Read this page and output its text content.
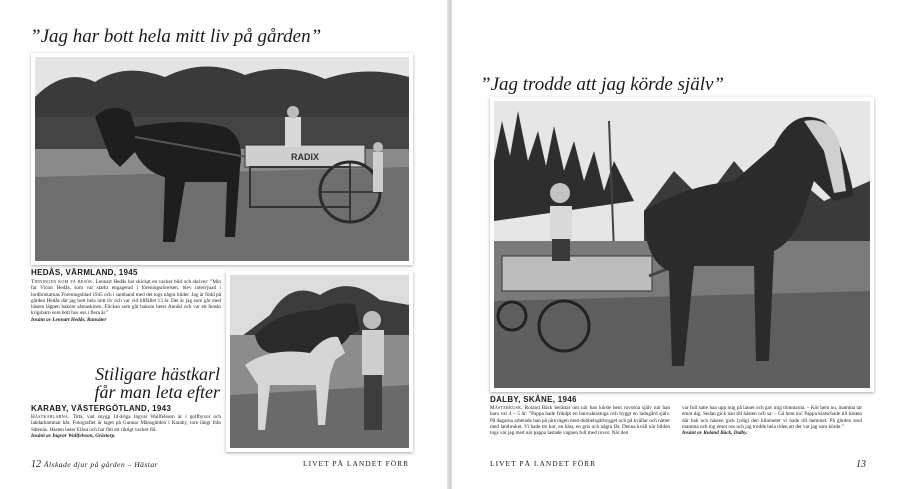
”Jag har bott hela mitt liv på gården”
RADIX
HEDÅS, VÄRMLAND, 1945
Tidningen kom på besök. Lennart Hedås har skickat en vacker bild och skriver: ”Min far Victor Hedås, som var starkt engagerad i föreningsrörelsen, blev intervjuad i lordbrukarnas Föreningsblad 1945 och i samband med det togs några bilder. Jag är född på gården Hedås där jag bott hela mitt liv och var vid tillfället 13 år. Det är jag som går med hästen läppen bakom såmaskinen. Flickan som går bakom heter Annikl och var ett fenskt krigsbarn som bott hos oss i flera år.”
Insänt av Lennart Hedås, Ransäter
Stiligare hästkarl
får man leta efter
KARABY, VÄSTERGÖTLAND, 1943
Hästkarlarna. Titta, vad snygg 14-åriga Ingvar Wallfelsson är i golfbyxor och lakdarkammat hår. Fotografiet är taget på Gunnar Månsgården i Karaby, lore längt från Såtenäs. Hästen heter Elåsa och har fått ett riktigt vacker föl.
Insänt av Ingvar Wallfelsson, Grästorp.
12 Älskade djur på gården – Hästar	LIVET PÅ LANDET FÖRR
”Jag trodde att jag körde själv”
DALBY, SKÅNE, 1946
Mästerkusk. Roland Bäck berättar om när han körde hem rovorna själv när han bara var 4 – 5 år: ”Pappa hade frikdpt en banvaktsstuga och byggt en ladugård själv. På dagarna arbetade han på järnvägen med dubbelspårbygget och på kvällar och nätter med lantbruket. Vi hade tre kor, en häst, en gris och några får. Denna kväll när bilden togs var jag med när pappa lastade vagnen full med rovor. När den
var full satte han upp mig på lasset och gav mig tömmarna. – Kör hem nu, mamma tar emot dig. Sedan gick han till hästen och sa: – Gå hem nu! Pappa klatschade till hästen där bak och hästen gick lydigt den kilometer vi hade till hemmet. På gården stod mamma och tog emot oss och jag trodde hela tiden att det var jag som körde.”
Insänt av Roland Bäck, Dalby.
LIVET PÅ LANDET FÖRR	13
